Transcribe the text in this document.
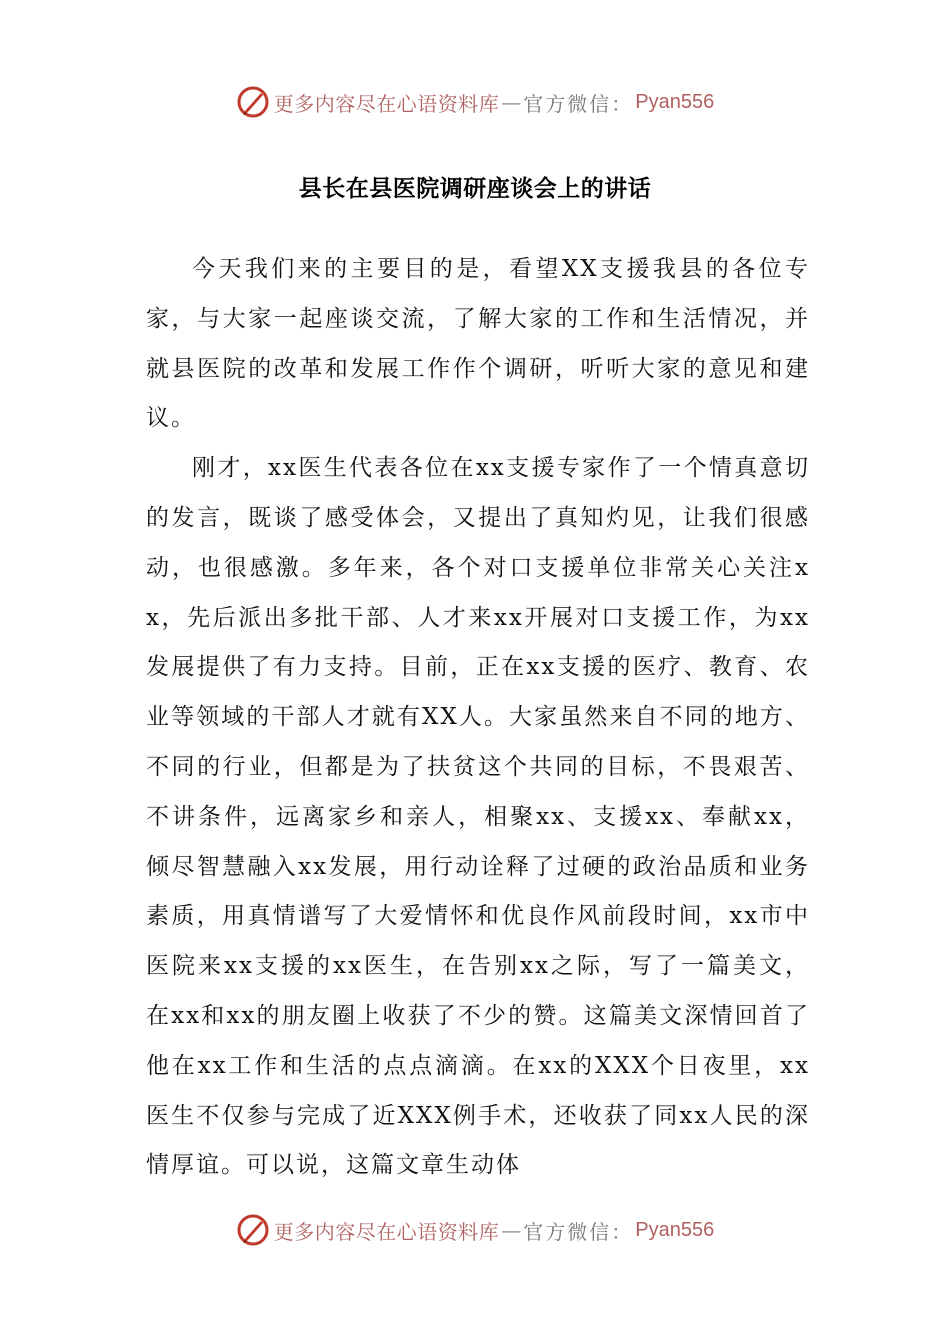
更多内容尽在心语资料库 — 官方微信： Pyan556
县长在县医院调研座谈会上的讲话

今天我们来的主要目的是，看望XX支援我县的各位专家，与大家一起座谈交流，了解大家的工作和生活情况，并就县医院的改革和发展工作作个调研，听听大家的意见和建议。

刚才，xx医生代表各位在xx支援专家作了一个情真意切的发言，既谈了感受体会，又提出了真知灼见，让我们很感动，也很感激。多年来，各个对口支援单位非常关心关注xx，先后派出多批干部、人才来xx开展对口支援工作，为xx发展提供了有力支持。目前，正在xx支援的医疗、教育、农业等领域的干部人才就有XX人。大家虽然来自不同的地方、不同的行业，但都是为了扶贫这个共同的目标，不畏艰苦、不讲条件，远离家乡和亲人，相聚xx、支援xx、奉献xx，倾尽智慧融入xx发展，用行动诠释了过硬的政治品质和业务素质，用真情谱写了大爱情怀和优良作风前段时间，xx市中医院来xx支援的xx医生，在告别xx之际，写了一篇美文，在xx和xx的朋友圈上收获了不少的赞。这篇美文深情回首了他在xx工作和生活的点点滴滴。在xx的XXX个日夜里，xx医生不仅参与完成了近XXX例手术，还收获了同xx人民的深情厚谊。可以说，这篇文章生动体

更多内容尽在心语资料库 — 官方微信： Pyan556
